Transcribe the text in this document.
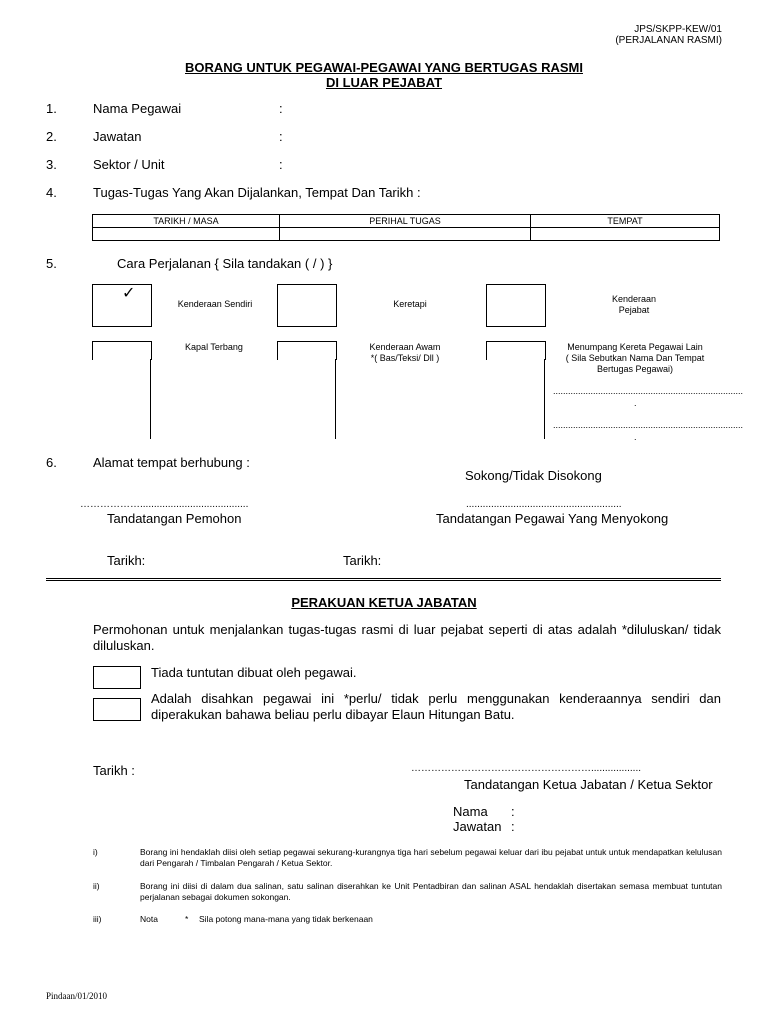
JPS/SKPP-KEW/01
(PERJALANAN RASMI)
BORANG UNTUK PEGAWAI-PEGAWAI YANG BERTUGAS RASMI
DI LUAR PEJABAT
1.	Nama Pegawai	:
2.	Jawatan	:
3.	Sektor / Unit	:
4.	Tugas-Tugas Yang Akan Dijalankan, Tempat Dan Tarikh :
TARIKH / MASA	PERIHAL TUGAS	TEMPAT

5.	Cara Perjalanan { Sila tandakan ( / ) }
✓
Kenderaan Sendiri	Keretapi	Kenderaan
Pejabat
Kapal Terbang	Kenderaan Awam
*( Bas/Teksi/ Dll )
Menumpang Kereta Pegawai Lain
( Sila Sebutkan Nama Dan Tempat
Bertugas Pegawai)
............................................................................
.
............................................................................
.
6.	Alamat tempat berhubung :
Sokong/Tidak Disokong
……………….......................................	........................................................
Tandatangan Pemohon	Tandatangan Pegawai Yang Menyokong
Tarikh:	Tarikh:
PERAKUAN KETUA JABATAN
Permohonan untuk menjalankan tugas-tugas rasmi di luar pejabat seperti di atas adalah *diluluskan/ tidak diluluskan.
Tiada tuntutan dibuat oleh pegawai.
Adalah disahkan pegawai ini *perlu/ tidak perlu menggunakan kenderaannya sendiri dan diperakukan bahawa beliau perlu dibayar Elaun Hitungan Batu.
Tarikh :	………………………………………………..................
Tandatangan Ketua Jabatan / Ketua Sektor
Nama :
Jawatan :
i)	Borang ini hendaklah diisi oleh setiap pegawai sekurang-kurangnya tiga hari sebelum pegawai keluar dari ibu pejabat untuk untuk mendapatkan kelulusan dari Pengarah / Timbalan Pengarah / Ketua Sektor.
ii)	Borang ini diisi di dalam dua salinan, satu salinan diserahkan ke Unit Pentadbiran dan salinan ASAL hendaklah disertakan semasa membuat tuntutan perjalanan sebagai dokumen sokongan.
iii)	Nota	* Sila potong mana-mana yang tidak berkenaan
Pindaan/01/2010
